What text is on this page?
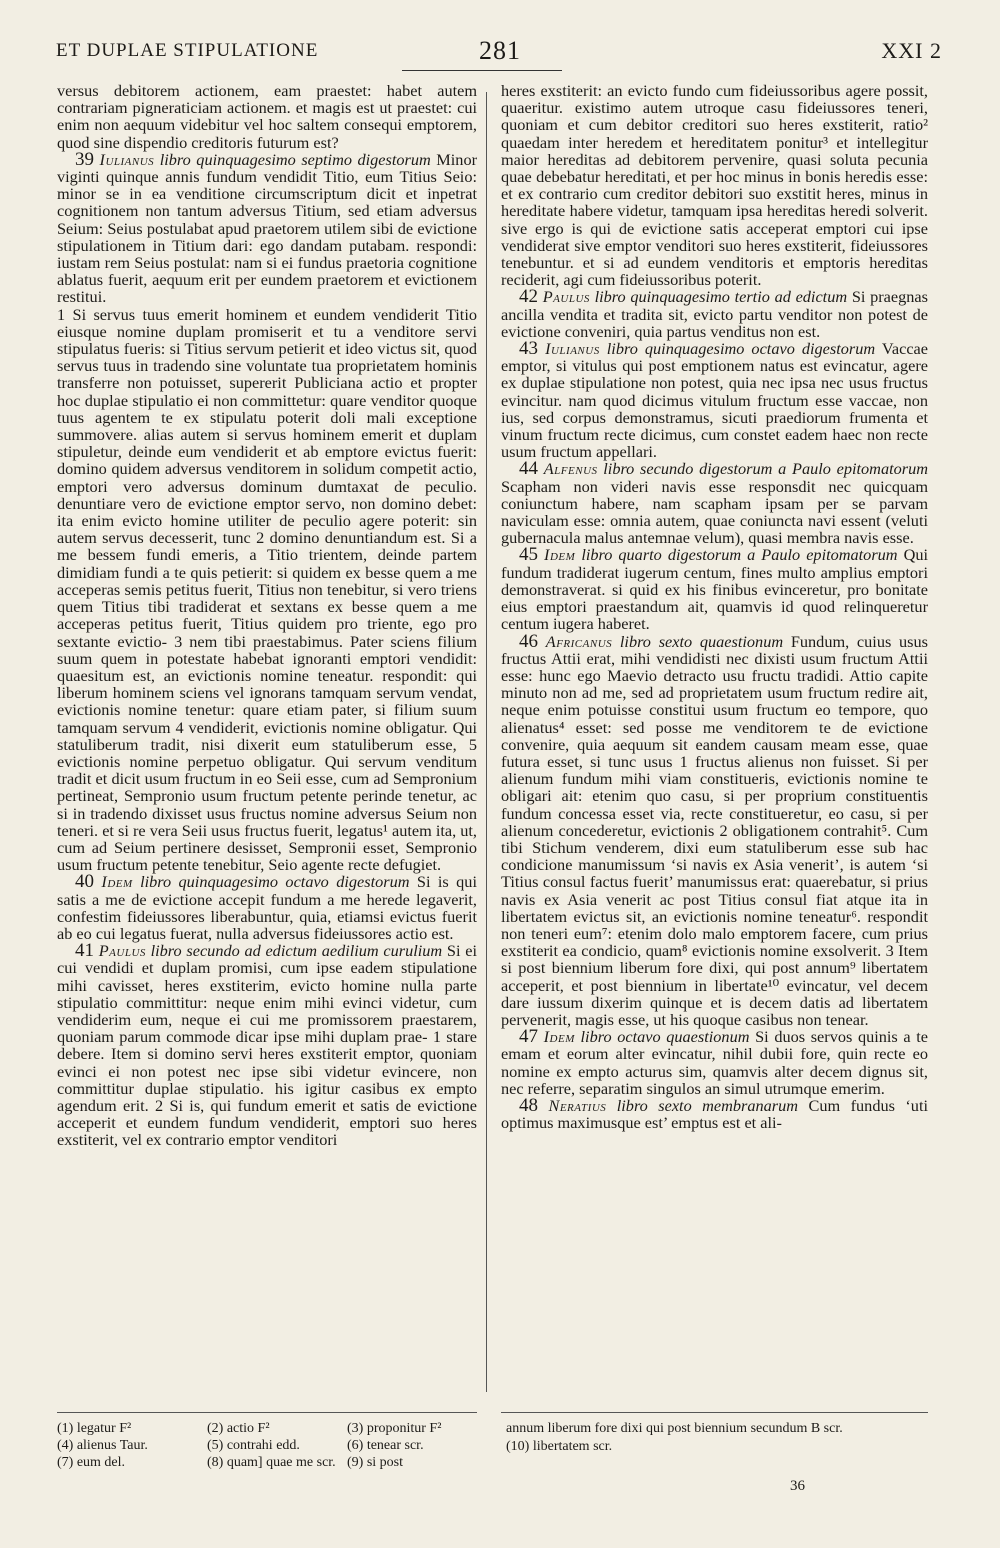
ET DUPLAE STIPULATIONE	281	XXI 2

versus debitorem actionem, eam praestet: habet autem contrariam pigneraticiam actionem. et magis est ut praestet: cui enim non aequum videbitur vel hoc saltem consequi emptorem, quod sine dispendio creditoris futurum est?

39 Iulianus libro quinquagesimo septimo digestorum Minor viginti quinque annis fundum vendidit Titio, eum Titius Seio: minor se in ea venditione circumscriptum dicit et inpetrat cognitionem non tantum adversus Titium, sed etiam adversus Seium: Seius postulabat apud praetorem utilem sibi de evictione stipulationem in Titium dari: ego dandam putabam. respondi: iustam rem Seius postulat: nam si ei fundus praetoria cognitione ablatus fuerit, aequum erit per eundem praetorem et evictionem restitui.

1 Si servus tuus emerit hominem et eundem vendiderit Titio eiusque nomine duplam promiserit et tu a venditore servi stipulatus fueris: si Titius servum petierit et ideo victus sit, quod servus tuus in tradendo sine voluntate tua proprietatem hominis transferre non potuisset, supererit Publiciana actio et propter hoc duplae stipulatio ei non committetur: quare venditor quoque tuus agentem te ex stipulatu poterit doli mali exceptione summovere. alias autem si servus hominem emerit et duplam stipuletur, deinde eum vendiderit et ab emptore evictus fuerit: domino quidem adversus venditorem in solidum competit actio, emptori vero adversus dominum dumtaxat de peculio. denuntiare vero de evictione emptor servo, non domino debet: ita enim evicto homine utiliter de peculio agere poterit: sin autem servus decesserit, tunc 2 domino denuntiandum est. Si a me bessem fundi emeris, a Titio trientem, deinde partem dimidiam fundi a te quis petierit: si quidem ex besse quem a me acceperas semis petitus fuerit, Titius non tenebitur, si vero triens quem Titius tibi tradiderat et sextans ex besse quem a me acceperas petitus fuerit, Titius quidem pro triente, ego pro sextante evictio- 3 nem tibi praestabimus. Pater sciens filium suum quem in potestate habebat ignoranti emptori vendidit: quaesitum est, an evictionis nomine teneatur. respondit: qui liberum hominem sciens vel ignorans tamquam servum vendat, evictionis nomine tenetur: quare etiam pater, si filium suum tamquam servum 4 vendiderit, evictionis nomine obligatur. Qui statuliberum tradit, nisi dixerit eum statuliberum esse, 5 evictionis nomine perpetuo obligatur. Qui servum venditum tradit et dicit usum fructum in eo Seii esse, cum ad Sempronium pertineat, Sempronio usum fructum petente perinde tenetur, ac si in tradendo dixisset usus fructus nomine adversus Seium non teneri. et si re vera Seii usus fructus fuerit, legatus¹ autem ita, ut, cum ad Seium pertinere desisset, Sempronii esset, Sempronio usum fructum petente tenebitur, Seio agente recte defugiet.

40 Idem libro quinquagesimo octavo digestorum Si is qui satis a me de evictione accepit fundum a me herede legaverit, confestim fideiussores liberabuntur, quia, etiamsi evictus fuerit ab eo cui legatus fuerat, nulla adversus fideiussores actio est.

41 Paulus libro secundo ad edictum aedilium curulium Si ei cui vendidi et duplam promisi, cum ipse eadem stipulatione mihi cavisset, heres exstiterim, evicto homine nulla parte stipulatio committitur: neque enim mihi evinci videtur, cum vendiderim eum, neque ei cui me promissorem praestarem, quoniam parum commode dicar ipse mihi duplam prae- 1 stare debere. Item si domino servi heres exstiterit emptor, quoniam evinci ei non potest nec ipse sibi videtur evincere, non committitur duplae stipulatio. his igitur casibus ex empto agendum erit. 2 Si is, qui fundum emerit et satis de evictione acceperit et eundem fundum vendiderit, emptori suo heres exstiterit, vel ex contrario emptor venditori

heres exstiterit: an evicto fundo cum fideiussoribus agere possit, quaeritur. existimo autem utroque casu fideiussores teneri, quoniam et cum debitor creditori suo heres exstiterit, ratio² quaedam inter heredem et hereditatem ponitur³ et intellegitur maior hereditas ad debitorem pervenire, quasi soluta pecunia quae debebatur hereditati, et per hoc minus in bonis heredis esse: et ex contrario cum creditor debitori suo exstitit heres, minus in hereditate habere videtur, tamquam ipsa hereditas heredi solverit. sive ergo is qui de evictione satis acceperat emptori cui ipse vendiderat sive emptor venditori suo heres exstiterit, fideiussores tenebuntur. et si ad eundem venditoris et emptoris hereditas reciderit, agi cum fideiussoribus poterit.

42 Paulus libro quinquagesimo tertio ad edictum Si praegnas ancilla vendita et tradita sit, evicto partu venditor non potest de evictione conveniri, quia partus venditus non est.

43 Iulianus libro quinquagesimo octavo digestorum Vaccae emptor, si vitulus qui post emptionem natus est evincatur, agere ex duplae stipulatione non potest, quia nec ipsa nec usus fructus evincitur. nam quod dicimus vitulum fructum esse vaccae, non ius, sed corpus demonstramus, sicuti praediorum frumenta et vinum fructum recte dicimus, cum constet eadem haec non recte usum fructum appellari.

44 Alfenus libro secundo digestorum a Paulo epitomatorum Scapham non videri navis esse responsdit nec quicquam coniunctum habere, nam scapham ipsam per se parvam naviculam esse: omnia autem, quae coniuncta navi essent (veluti gubernacula malus antemnae velum), quasi membra navis esse.

45 Idem libro quarto digestorum a Paulo epitomatorum Qui fundum tradiderat iugerum centum, fines multo amplius emptori demonstraverat. si quid ex his finibus evinceretur, pro bonitate eius emptori praestandum ait, quamvis id quod relinqueretur centum iugera haberet.

46 Africanus libro sexto quaestionum Fundum, cuius usus fructus Attii erat, mihi vendidisti nec dixisti usum fructum Attii esse: hunc ego Maevio detracto usu fructu tradidi. Attio capite minuto non ad me, sed ad proprietatem usum fructum redire ait, neque enim potuisse constitui usum fructum eo tempore, quo alienatus⁴ esset: sed posse me venditorem te de evictione convenire, quia aequum sit eandem causam meam esse, quae futura esset, si tunc usus 1 fructus alienus non fuisset. Si per alienum fundum mihi viam constitueris, evictionis nomine te obligari ait: etenim quo casu, si per proprium constituentis fundum concessa esset via, recte constitueretur, eo casu, si per alienum concederetur, evictionis 2 obligationem contrahit⁵. Cum tibi Stichum venderem, dixi eum statuliberum esse sub hac condicione manumissum ‘si navis ex Asia venerit’, is autem ‘si Titius consul factus fuerit’ manumissus erat: quaerebatur, si prius navis ex Asia venerit ac post Titius consul fiat atque ita in libertatem evictus sit, an evictionis nomine teneatur⁶. respondit non teneri eum⁷: etenim dolo malo emptorem facere, cum prius exstiterit ea condicio, quam⁸ evictionis nomine exsolverit. 3 Item si post biennium liberum fore dixi, qui post annum⁹ libertatem acceperit, et post biennium in libertate¹⁰ evincatur, vel decem dare iussum dixerim quinque et is decem datis ad libertatem pervenerit, magis esse, ut his quoque casibus non tenear.

47 Idem libro octavo quaestionum Si duos servos quinis a te emam et eorum alter evincatur, nihil dubii fore, quin recte eo nomine ex empto acturus sim, quamvis alter decem dignus sit, nec referre, separatim singulos an simul utrumque emerim.

48 Neratius libro sexto membranarum Cum fundus ‘uti optimus maximusque est’ emptus est et ali-

(1) legatur F²	(2) actio F²	(3) proponitur F²
(4) alienus Taur.	(5) contrahi edd.	(6) tenear scr.
(7) eum del.	(8) quam] quae me scr. (9) si post
annum liberum fore dixi qui post biennium secundum B scr.
(10) libertatem scr.
36
